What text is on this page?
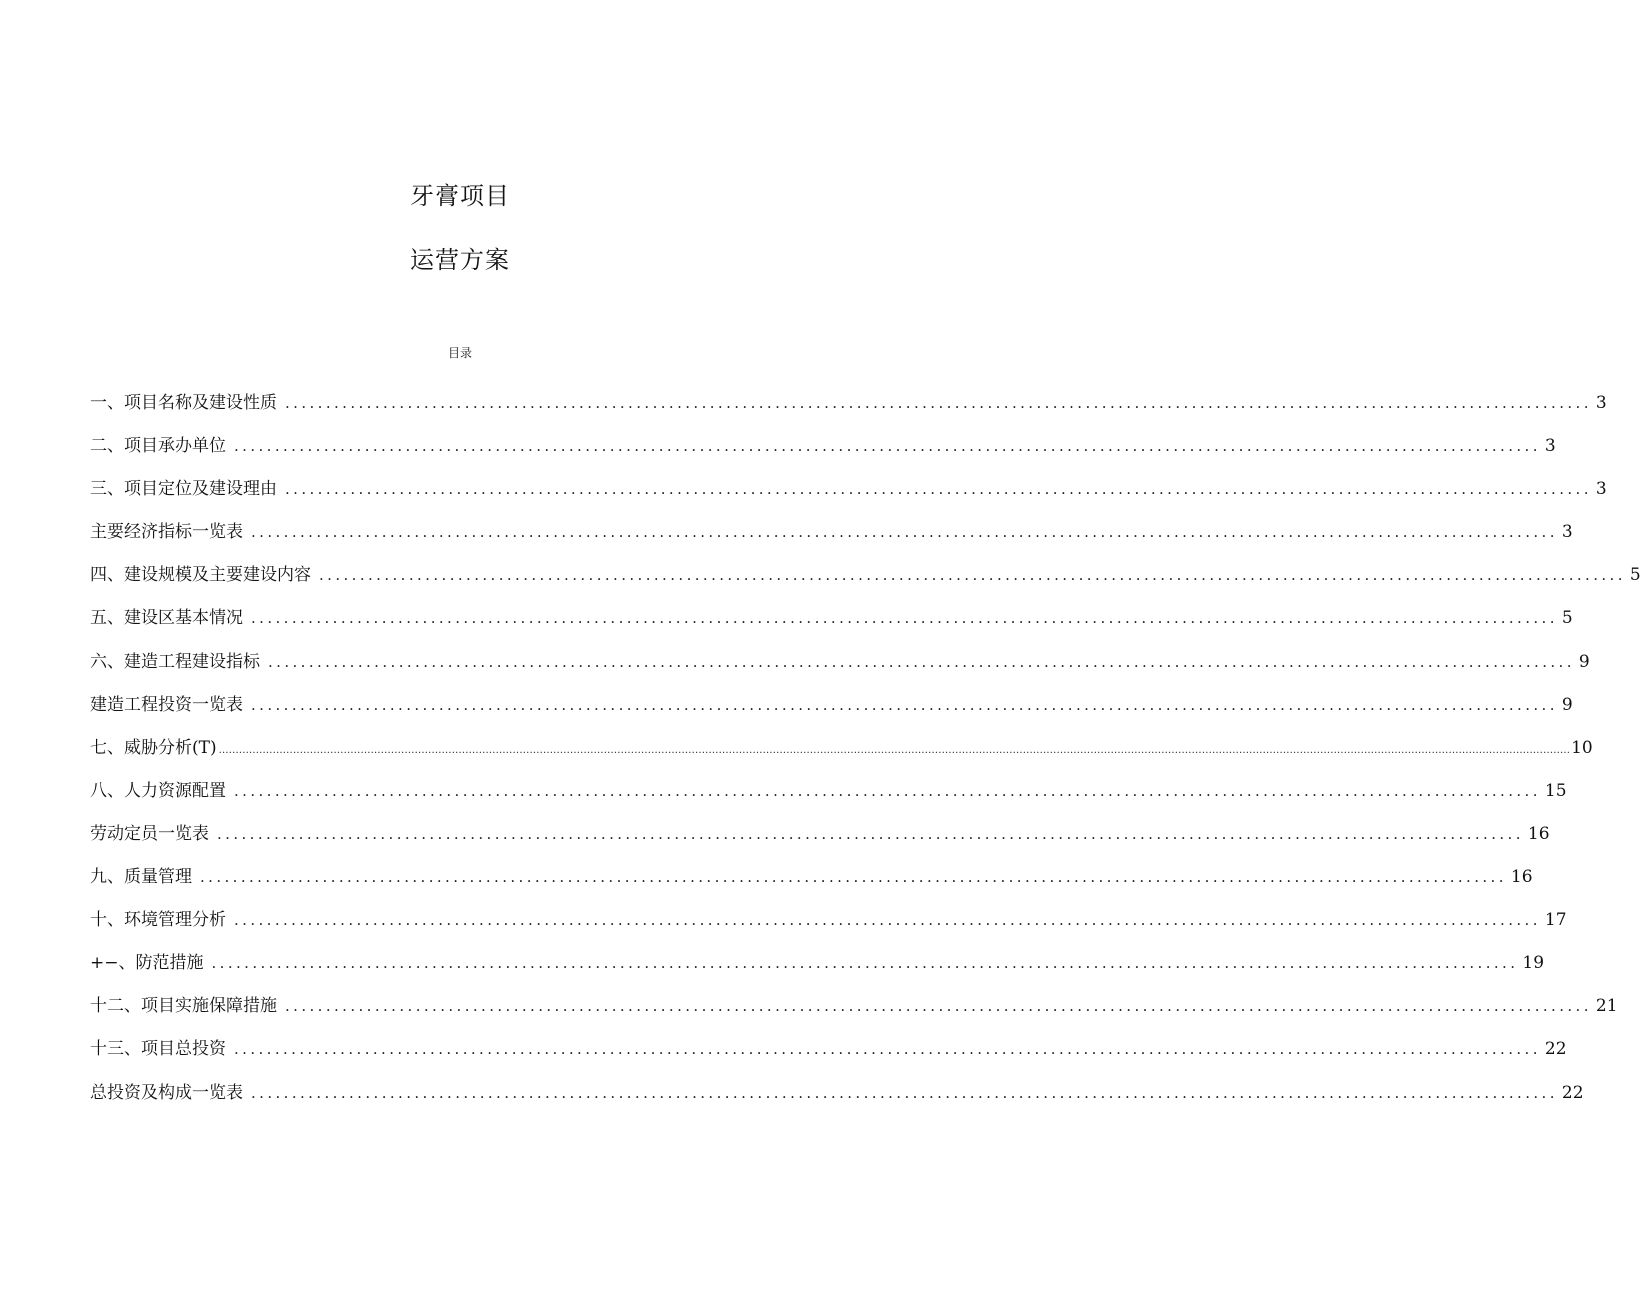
牙膏项目
运营方案
目录
一、项目名称及建设性质 ................................................................................................................................................................ 3
二、项目承办单位 ................................................................................................................................................................ 3
三、项目定位及建设理由 ................................................................................................................................................................ 3
主要经济指标一览表 ................................................................................................................................................................ 3
四、建设规模及主要建设内容 ................................................................................................................................................................ 5
五、建设区基本情况 ................................................................................................................................................................ 5
六、建造工程建设指标 ................................................................................................................................................................ 9
建造工程投资一览表 ................................................................................................................................................................ 9
七、威胁分析(T) ................................................................................................................................................................................................................................................................................................................................................................................................................ 10
八、人力资源配置 ................................................................................................................................................................ 15
劳动定员一览表 ................................................................................................................................................................ 16
九、质量管理 ................................................................................................................................................................ 16
十、环境管理分析 ................................................................................................................................................................ 17
+−、防范措施 ................................................................................................................................................................ 19
十二、项目实施保障措施 ................................................................................................................................................................ 21
十三、项目总投资 ................................................................................................................................................................ 22
总投资及构成一览表 ................................................................................................................................................................ 22
